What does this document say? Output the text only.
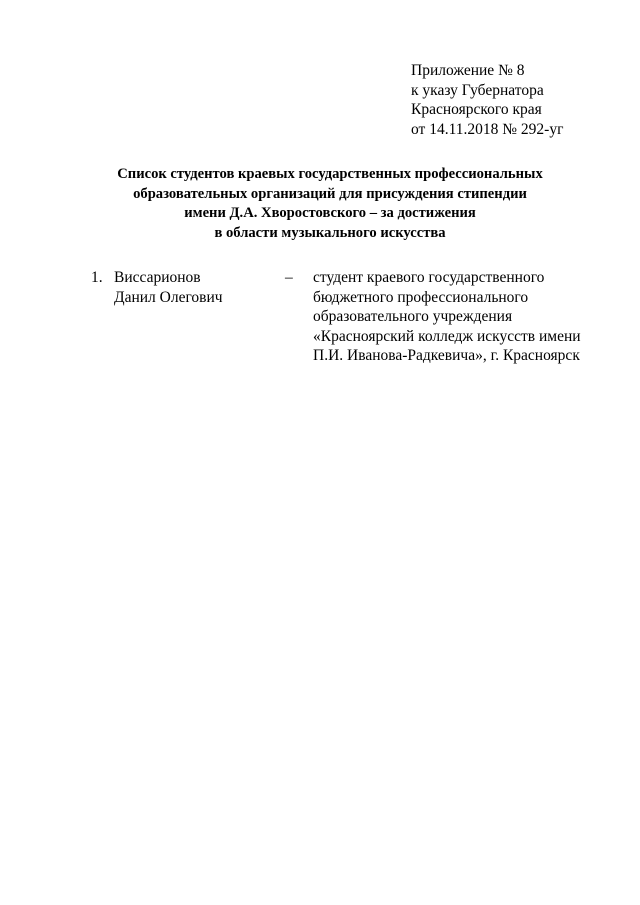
Приложение № 8
к указу Губернатора
Красноярского края
от 14.11.2018 № 292-уг
Список студентов краевых государственных профессиональных
образовательных организаций для присуждения стипендии
имени Д.А. Хворостовского – за достижения
в области музыкального искусства
1. Виссарионов
Данил Олегович
– студент краевого государственного
бюджетного профессионального
образовательного учреждения
«Красноярский колледж искусств имени
П.И. Иванова-Радкевича», г. Красноярск
